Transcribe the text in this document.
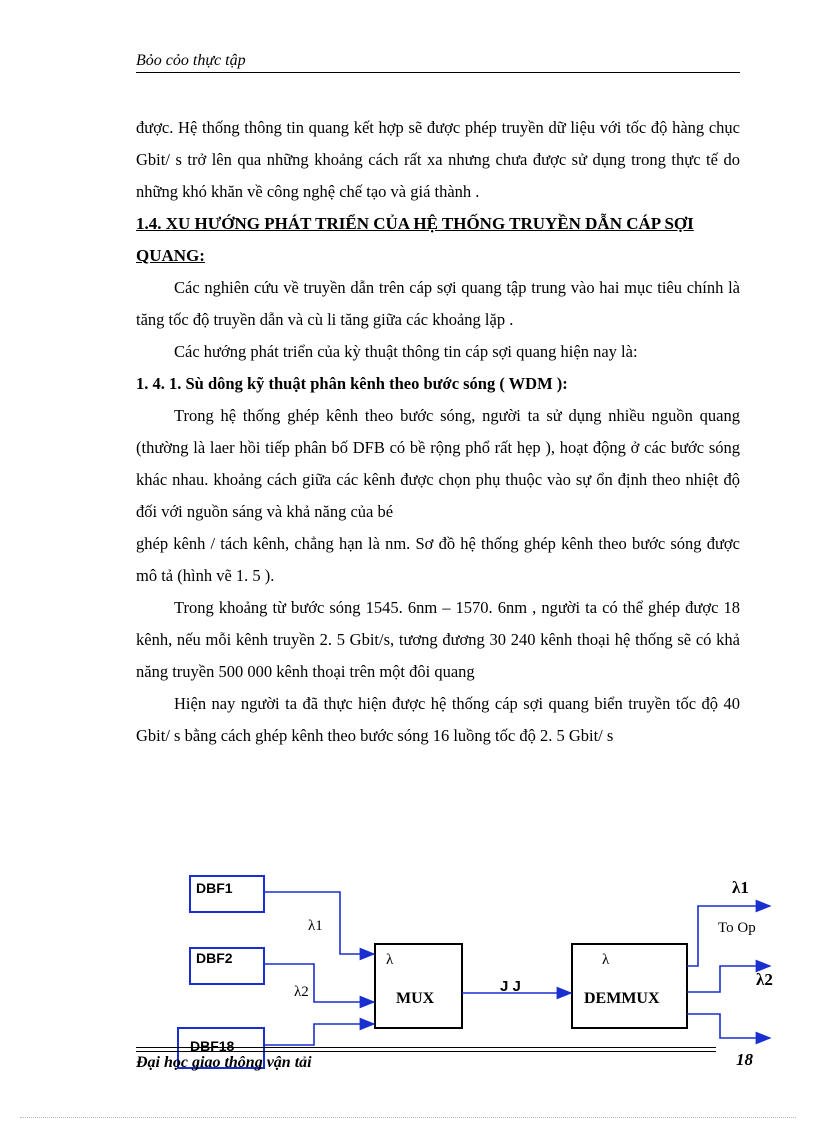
Bỏo cỏo thực tập

được. Hệ thống thông tin quang kết hợp sẽ được phép truyền dữ liệu với tốc độ hàng chục Gbit/ s trở lên qua những khoảng cách rất xa nhưng chưa được sử dụng trong thực tế do những khó khăn về công nghệ chế tạo và giá thành .

1.4. XU HƯỚNG PHÁT TRIỂN CỦA HỆ THỐNG TRUYỀN DẪN CÁP SỢI QUANG:

Các nghiên cứu về truyền dẫn trên cáp sợi quang tập trung vào hai mục tiêu chính là tăng tốc độ truyền dẫn và cù li tăng giữa các khoảng lặp .

Các hướng phát triển của kỳ thuật thông tin cáp sợi quang hiện nay là:

1. 4. 1. Sù dông kỹ thuật phân kênh theo bước sóng ( WDM ):

Trong hệ thống ghép kênh theo bước sóng, người ta sử dụng nhiều nguồn quang (thường là laer hồi tiếp phân bố DFB có bề rộng phổ rất hẹp ), hoạt động ở các bước sóng khác nhau. khoảng cách giữa các kênh được chọn phụ thuộc vào sự ổn định theo nhiệt độ đối với nguồn sáng và khả năng của bé

ghép kênh / tách kênh, chẳng hạn là nm. Sơ đồ hệ thống ghép kênh theo bước sóng được mô tả (hình vẽ 1. 5 ).

Trong khoảng từ bước sóng 1545. 6nm – 1570. 6nm , người ta có thể ghép được 18 kênh, nếu mỗi kênh truyền 2. 5 Gbit/s, tương đương 30 240 kênh thoại hệ thống sẽ có khả năng truyền 500 000 kênh thoại trên một đôi quang

Hiện nay người ta đã thực hiện được hệ thống cáp sợi quang biển truyền tốc độ 40 Gbit/ s bằng cách ghép kênh theo bước sóng 16 luồng tốc độ 2. 5 Gbit/ s

DBF1
DBF2
DBF18
λ1
λ2
λ
MUX
J J
λ
DEMMUX
λ1
To Op
λ2
Đại học giao thông vận tải	18
